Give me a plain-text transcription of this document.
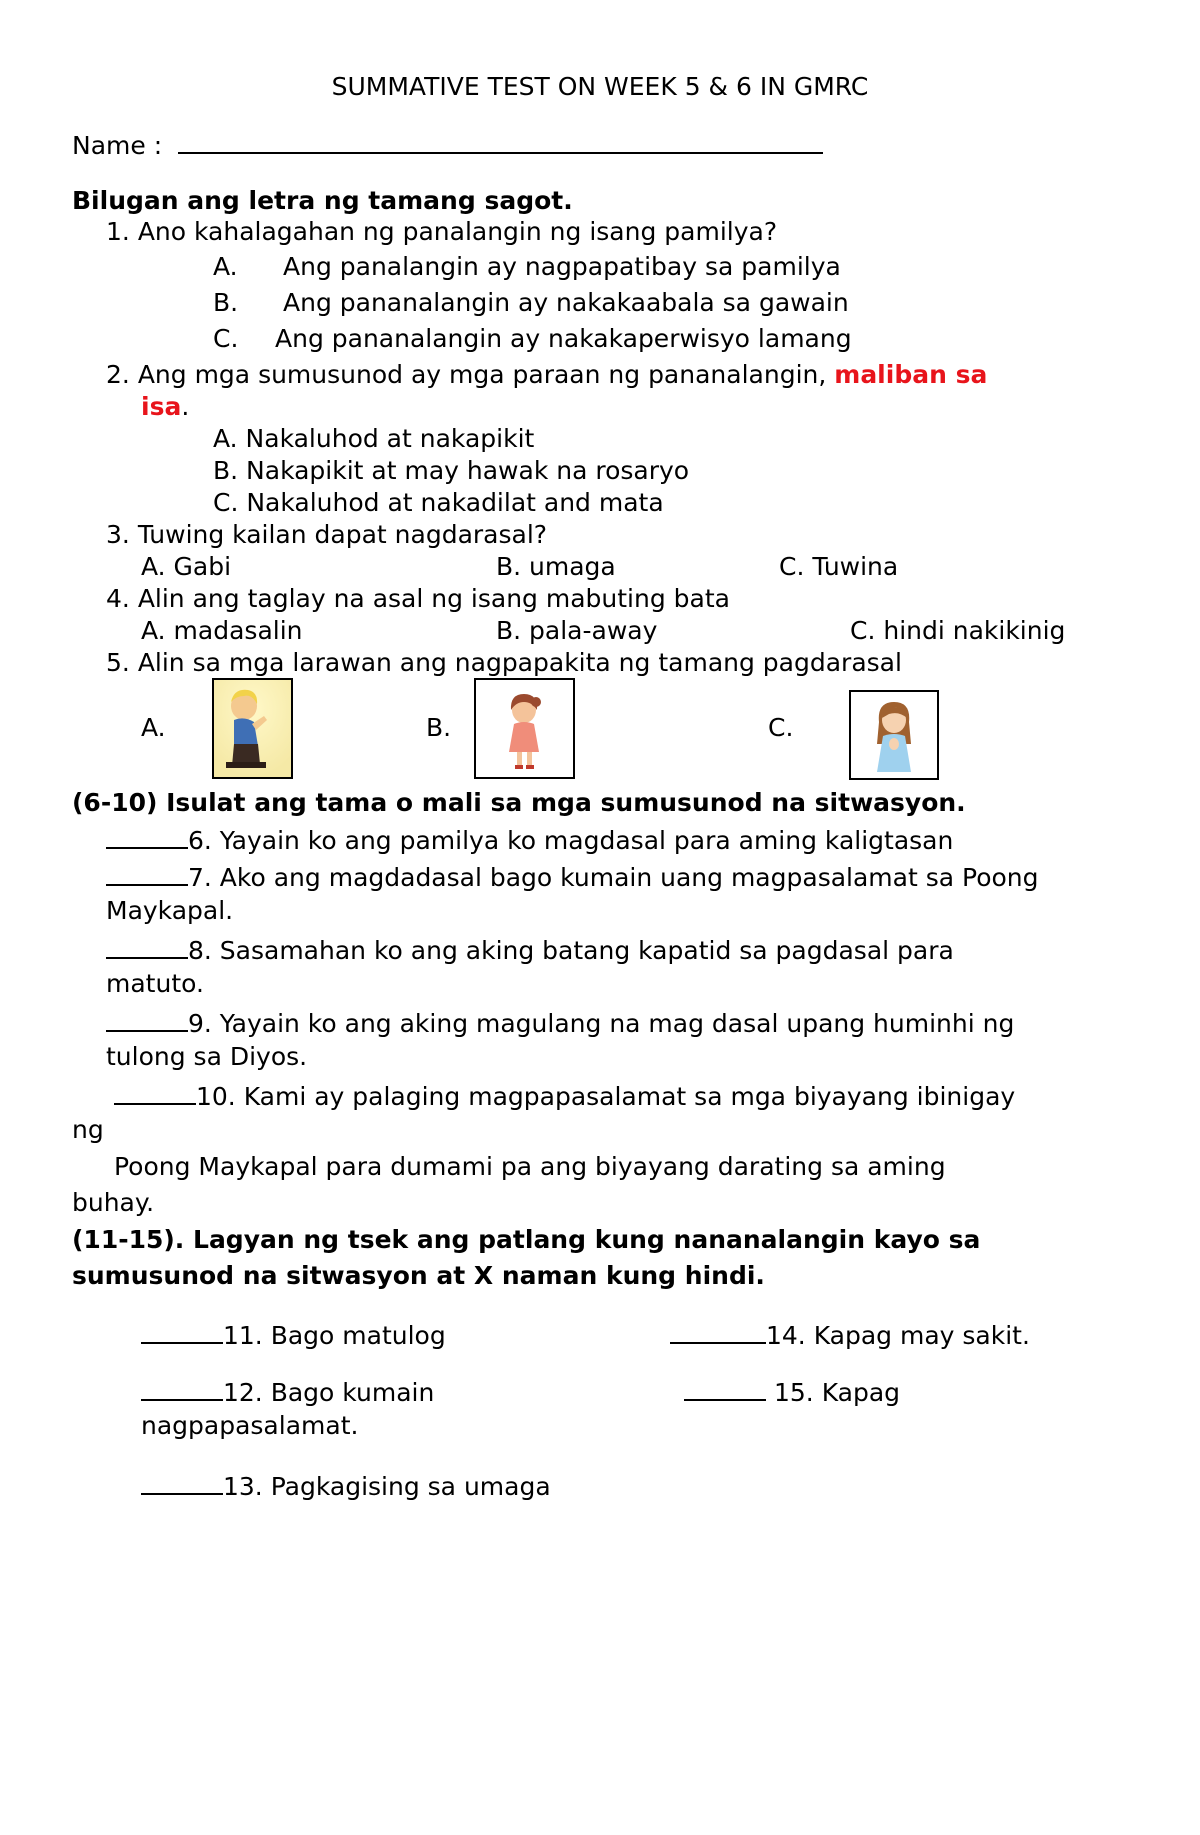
SUMMATIVE TEST ON WEEK 5 & 6 IN GMRC
Name :
Bilugan ang letra ng tamang sagot.
1. Ano kahalagahan ng panalangin ng isang pamilya?
A. Ang panalangin ay nagpapatibay sa pamilya
B. Ang pananalangin ay nakakaabala sa gawain
C. Ang pananalangin ay nakakaperwisyo lamang
2. Ang mga sumusunod ay mga paraan ng pananalangin, maliban sa
isa.
A. Nakaluhod at nakapikit
B. Nakapikit at may hawak na rosaryo
C. Nakaluhod at nakadilat and mata
3. Tuwing kailan dapat nagdarasal?
A. Gabi	B. umaga	C. Tuwina
4. Alin ang taglay na asal ng isang mabuting bata
A. madasalin	B. pala-away	C. hindi nakikinig
5. Alin sa mga larawan ang nagpapakita ng tamang pagdarasal
A.	B.	C.
(6-10) Isulat ang tama o mali sa mga sumusunod na sitwasyon.
6. Yayain ko ang pamilya ko magdasal para aming kaligtasan
7. Ako ang magdadasal bago kumain uang magpasalamat sa Poong
Maykapal.
8. Sasamahan ko ang aking batang kapatid sa pagdasal para
matuto.
9. Yayain ko ang aking magulang na mag dasal upang huminhi ng
tulong sa Diyos.
10. Kami ay palaging magpapasalamat sa mga biyayang ibinigay
ng
Poong Maykapal para dumami pa ang biyayang darating sa aming
buhay.
(11-15). Lagyan ng tsek ang patlang kung nananalangin kayo sa
sumusunod na sitwasyon at X naman kung hindi.
11. Bago matulog	14. Kapag may sakit.
12. Bago kumain	15. Kapag
nagpapasalamat.
13. Pagkagising sa umaga
